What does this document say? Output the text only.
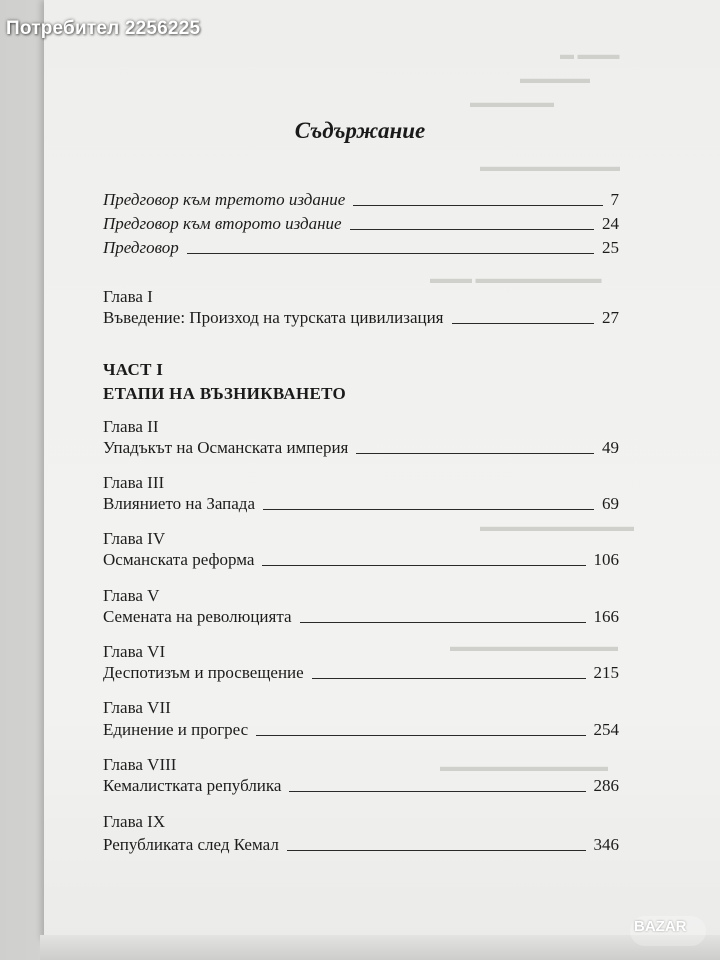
▬ ▬▬▬
▬▬▬▬▬
▬▬▬▬▬▬
▬▬▬▬▬▬▬▬▬▬
▬▬▬ ▬▬▬▬▬▬▬▬▬
▬▬▬▬▬▬▬▬▬▬▬
▬▬▬▬▬▬▬▬▬▬▬▬
▬▬▬▬▬▬▬▬▬▬▬▬
Потребител 2256225
Съдържание
Предговор към третото издание	7
Предговор към второто издание	24
Предговор	25
Глава I
Въведение: Произход на турската цивилизация	27
ЧАСТ I
ЕТАПИ НА ВЪЗНИКВАНЕТО
Глава II
Упадъкът на Османската империя	49
Глава III
Влиянието на Запада	69
Глава IV
Османската реформа	106
Глава V
Семената на революцията	166
Глава VI
Деспотизъм и просвещение	215
Глава VII
Единение и прогрес	254
Глава VIII
Кемалистката република	286
Глава IX
Републиката след Кемал	346
BAZAR
